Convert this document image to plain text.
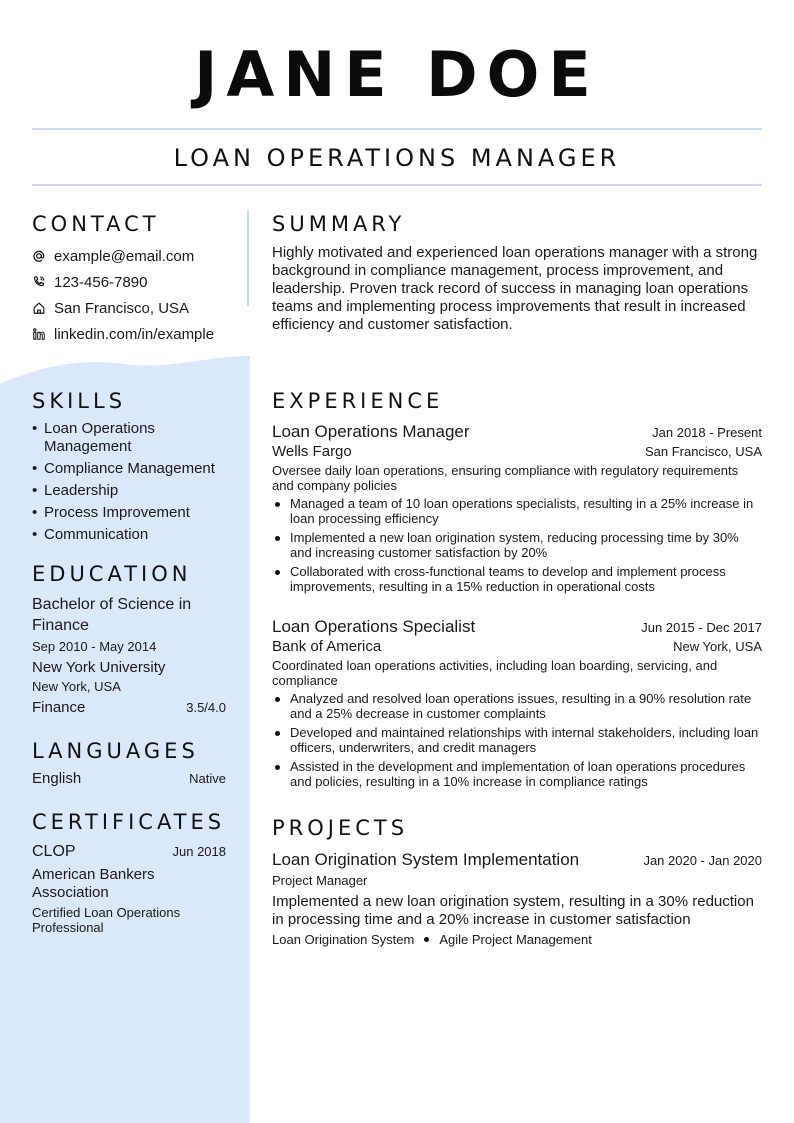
JANE DOE
LOAN OPERATIONS MANAGER
CONTACT
example@email.com
123-456-7890
San Francisco, USA
linkedin.com/in/example
SKILLS
• Loan Operations Management
• Compliance Management
• Leadership
• Process Improvement
• Communication
EDUCATION
Bachelor of Science in Finance
Sep 2010 - May 2014
New York University
New York, USA
Finance	3.5/4.0
LANGUAGES
English	Native
CERTIFICATES
CLOP	Jun 2018
American Bankers Association
Certified Loan Operations Professional
SUMMARY
Highly motivated and experienced loan operations manager with a strong background in compliance management, process improvement, and leadership. Proven track record of success in managing loan operations teams and implementing process improvements that result in increased efficiency and customer satisfaction.
EXPERIENCE
Loan Operations Manager	Jan 2018 - Present
Wells Fargo	San Francisco, USA
Oversee daily loan operations, ensuring compliance with regulatory requirements and company policies
Managed a team of 10 loan operations specialists, resulting in a 25% increase in loan processing efficiency
Implemented a new loan origination system, reducing processing time by 30% and increasing customer satisfaction by 20%
Collaborated with cross-functional teams to develop and implement process improvements, resulting in a 15% reduction in operational costs
Loan Operations Specialist	Jun 2015 - Dec 2017
Bank of America	New York, USA
Coordinated loan operations activities, including loan boarding, servicing, and compliance
Analyzed and resolved loan operations issues, resulting in a 90% resolution rate and a 25% decrease in customer complaints
Developed and maintained relationships with internal stakeholders, including loan officers, underwriters, and credit managers
Assisted in the development and implementation of loan operations procedures and policies, resulting in a 10% increase in compliance ratings
PROJECTS
Loan Origination System Implementation	Jan 2020 - Jan 2020
Project Manager
Implemented a new loan origination system, resulting in a 30% reduction in processing time and a 20% increase in customer satisfaction
Loan Origination System Agile Project Management
